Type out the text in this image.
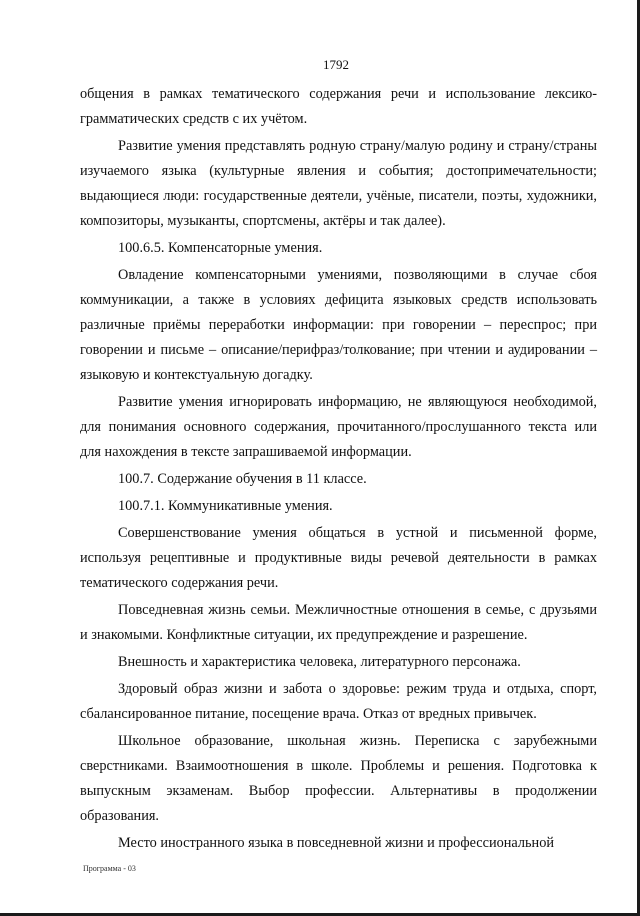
1792

общения в рамках тематического содержания речи и использование лексико-грамматических средств с их учётом.

Развитие умения представлять родную страну/малую родину и страну/страны изучаемого языка (культурные явления и события; достопримечательности; выдающиеся люди: государственные деятели, учёные, писатели, поэты, художники, композиторы, музыканты, спортсмены, актёры и так далее).

100.6.5. Компенсаторные умения.

Овладение компенсаторными умениями, позволяющими в случае сбоя коммуникации, а также в условиях дефицита языковых средств использовать различные приёмы переработки информации: при говорении – переспрос; при говорении и письме – описание/перифраз/толкование; при чтении и аудировании – языковую и контекстуальную догадку.

Развитие умения игнорировать информацию, не являющуюся необходимой, для понимания основного содержания, прочитанного/прослушанного текста или для нахождения в тексте запрашиваемой информации.

100.7. Содержание обучения в 11 классе.

100.7.1. Коммуникативные умения.

Совершенствование умения общаться в устной и письменной форме, используя рецептивные и продуктивные виды речевой деятельности в рамках тематического содержания речи.

Повседневная жизнь семьи. Межличностные отношения в семье, с друзьями и знакомыми. Конфликтные ситуации, их предупреждение и разрешение.

Внешность и характеристика человека, литературного персонажа.

Здоровый образ жизни и забота о здоровье: режим труда и отдыха, спорт, сбалансированное питание, посещение врача. Отказ от вредных привычек.

Школьное образование, школьная жизнь. Переписка с зарубежными сверстниками. Взаимоотношения в школе. Проблемы и решения. Подготовка к выпускным экзаменам. Выбор профессии. Альтернативы в продолжении образования.

Место иностранного языка в повседневной жизни и профессиональной

Программа - 03
